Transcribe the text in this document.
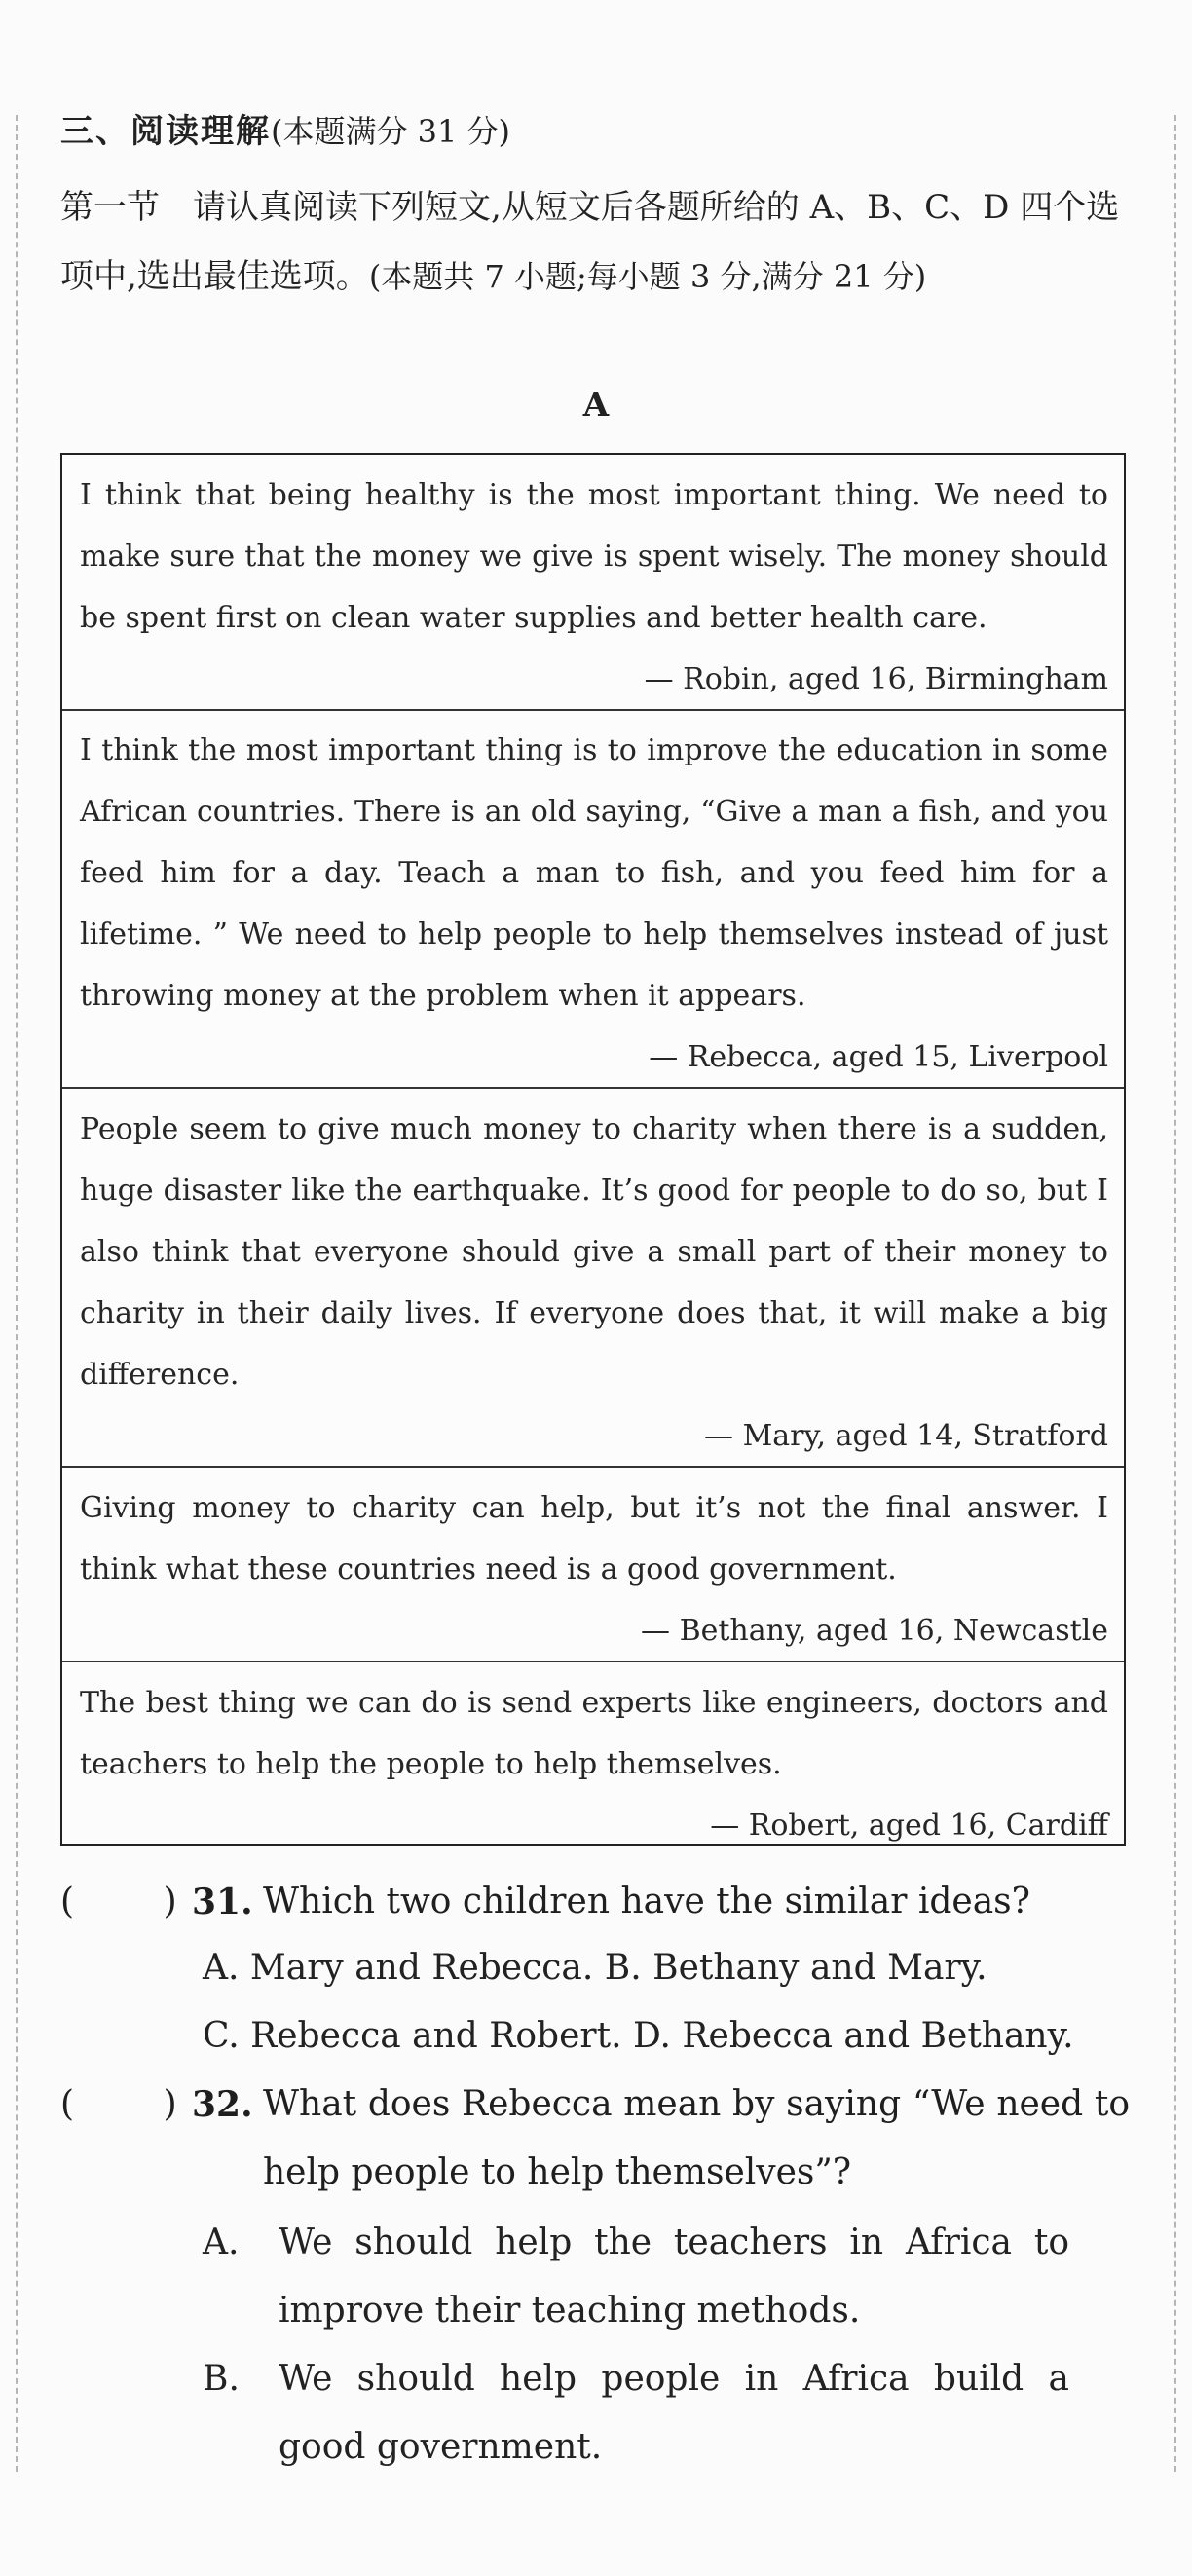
三、阅读理解(本题满分 31 分)
第一节　请认真阅读下列短文,从短文后各题所给的 A、B、C、D 四个选项中,选出最佳选项。(本题共 7 小题;每小题 3 分,满分 21 分)
A
I think that being healthy is the most important thing. We need to make sure that the money we give is spent wisely. The money should be spent first on clean water supplies and better health care.
— Robin, aged 16, Birmingham
I think the most important thing is to improve the education in some African countries. There is an old saying, “Give a man a fish, and you feed him for a day. Teach a man to fish, and you feed him for a lifetime. ” We need to help people to help themselves instead of just throwing money at the problem when it appears.
— Rebecca, aged 15, Liverpool
People seem to give much money to charity when there is a sudden, huge disaster like the earthquake. It’s good for people to do so, but I also think that everyone should give a small part of their money to charity in their daily lives. If everyone does that, it will make a big difference.
— Mary, aged 14, Stratford
Giving money to charity can help, but it’s not the final answer. I think what these countries need is a good government.
— Bethany, aged 16, Newcastle
The best thing we can do is send experts like engineers, doctors and teachers to help the people to help themselves.
— Robert, aged 16, Cardiff
(        ) 31. Which two children have the similar ideas?
A. Mary and Rebecca. B. Bethany and Mary.
C. Rebecca and Robert. D. Rebecca and Bethany.
(        ) 32. What does Rebecca mean by saying “We need to help people to help themselves”?
A. We should help the teachers in Africa to improve their teaching methods.
B. We should help people in Africa build a good government.
